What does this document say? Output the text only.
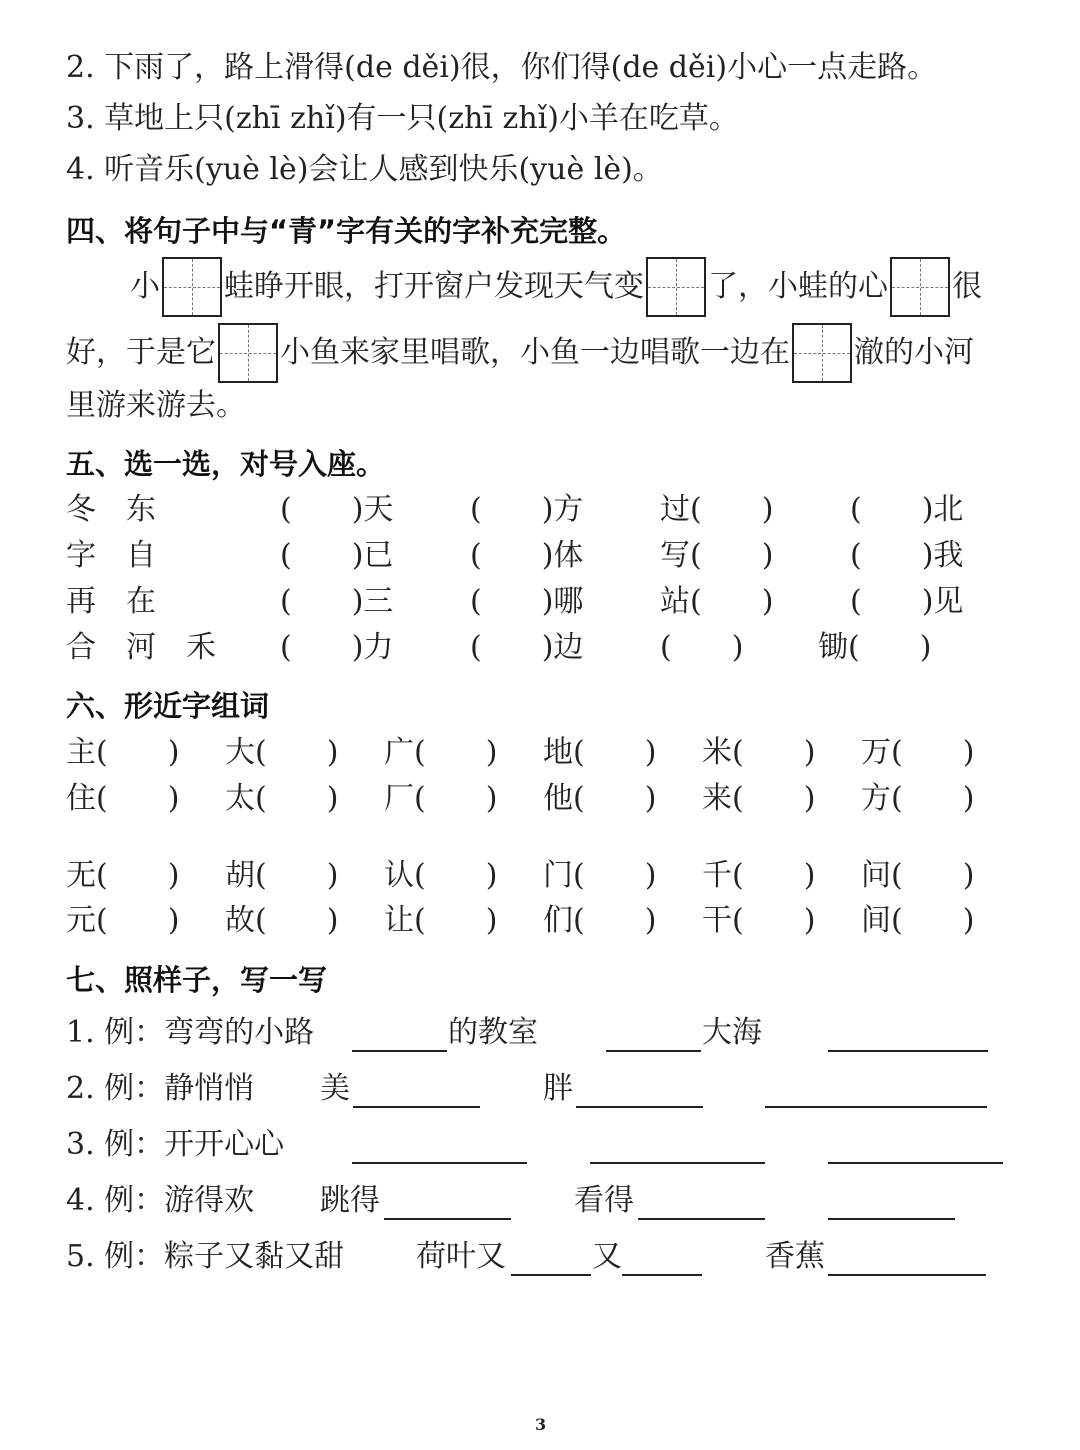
2. 下雨了，路上滑得(de děi)很，你们得(de děi)小心一点走路。
3. 草地上只(zhī zhǐ)有一只(zhī zhǐ)小羊在吃草。
4. 听音乐(yuè lè)会让人感到快乐(yuè lè)。
四、将句子中与“青”字有关的字补充完整。
小 蛙睁开眼，打开窗户发现天气变 了，小蛙的心 很
好，于是它 小鱼来家里唱歌，小鱼一边唱歌一边在 澈的小河
里游来游去。
五、选一选，对号入座。
冬　东	(　　)天	(　　)方	过(　　)	(　　)北
字　自	(　　)已	(　　)体	写(　　)	(　　)我
再　在	(　　)三	(　　)哪	站(　　)	(　　)见
合　河　禾 (　　)力	(　　)边	(　　) 锄(　　)
六、形近字组词
主(　　) 大(　　) 广(　　) 地(　　) 米(　　) 万(　　)
住(　　) 太(　　) 厂(　　) 他(　　) 来(　　) 方(　　)
无(　　) 胡(　　) 认(　　) 门(　　) 千(　　) 问(　　)
元(　　) 故(　　) 让(　　) 们(　　) 干(　　) 间(　　)
七、照样子，写一写
1. 例：弯弯的小路	的教室	大海
2. 例：静悄悄 美	胖
3. 例：开开心心
4. 例：游得欢 跳得	看得
5. 例：粽子又黏又甜 荷叶又	又	香蕉
3
